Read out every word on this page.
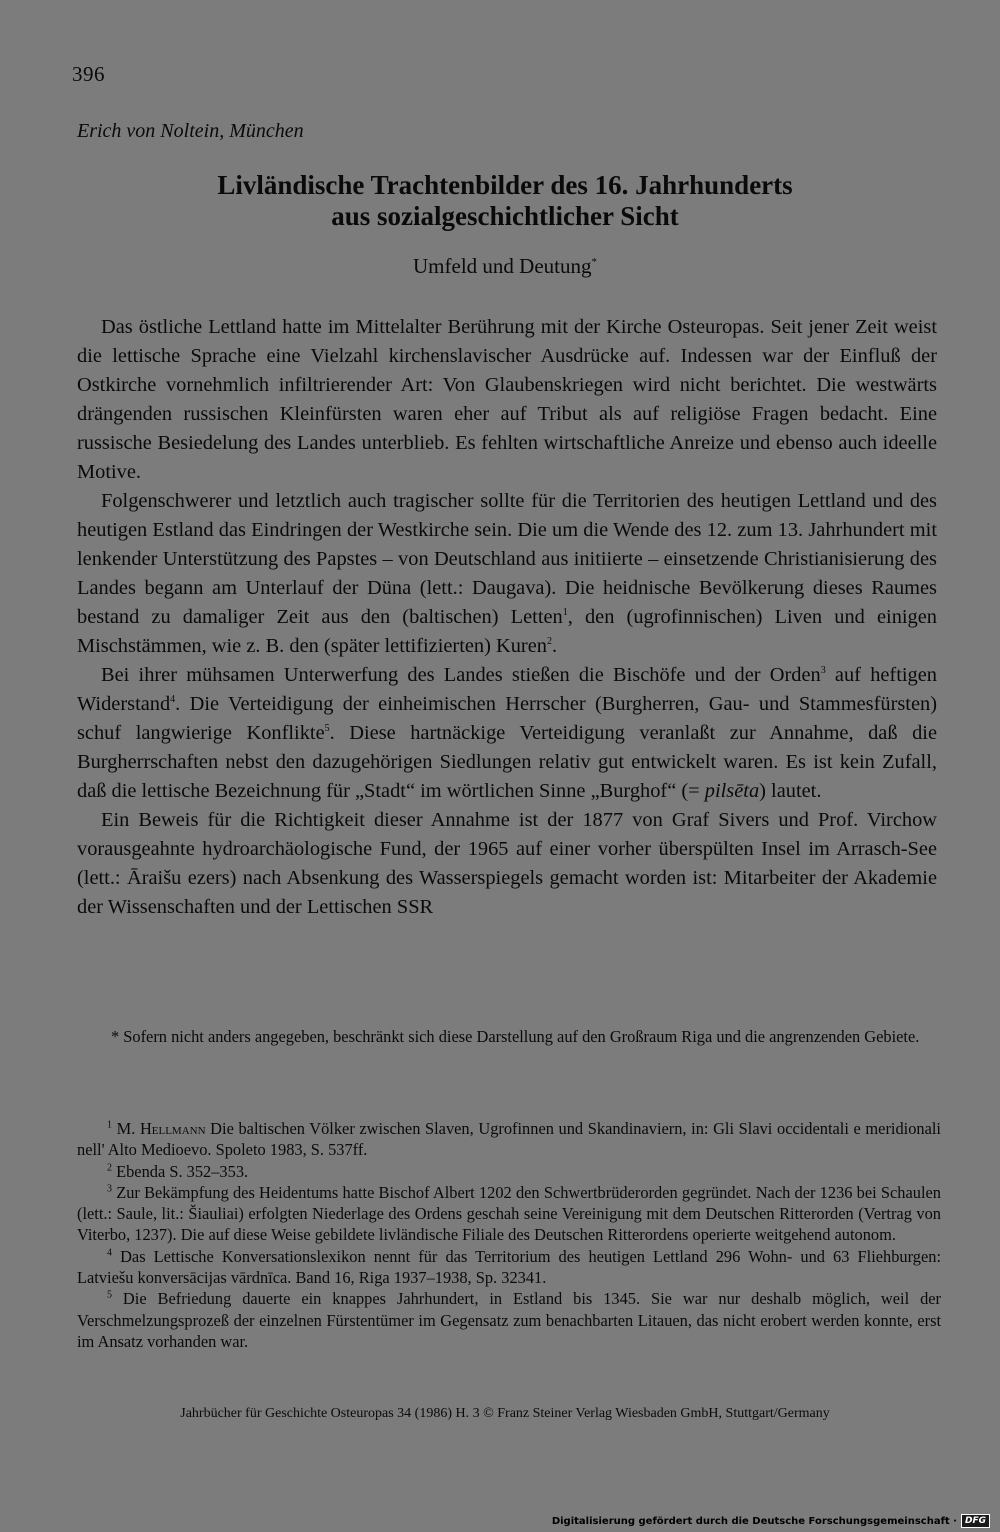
396
Erich von Noltein, München
Livländische Trachtenbilder des 16. Jahrhunderts
aus sozialgeschichtlicher Sicht
Umfeld und Deutung*

Das östliche Lettland hatte im Mittelalter Berührung mit der Kirche Osteuropas. Seit jener Zeit weist die lettische Sprache eine Vielzahl kirchenslavischer Ausdrücke auf. Indessen war der Einfluß der Ostkirche vornehmlich infiltrierender Art: Von Glaubenskriegen wird nicht berichtet. Die westwärts drängenden russischen Kleinfürsten waren eher auf Tribut als auf religiöse Fragen bedacht. Eine russische Besiedelung des Landes unterblieb. Es fehlten wirtschaftliche Anreize und ebenso auch ideelle Motive.

Folgenschwerer und letztlich auch tragischer sollte für die Territorien des heutigen Lettland und des heutigen Estland das Eindringen der Westkirche sein. Die um die Wende des 12. zum 13. Jahrhundert mit lenkender Unterstützung des Papstes – von Deutschland aus initiierte – einsetzende Christianisierung des Landes begann am Unterlauf der Düna (lett.: Daugava). Die heidnische Bevölkerung dieses Raumes bestand zu damaliger Zeit aus den (baltischen) Letten$^1$, den (ugrofinnischen) Liven und einigen Mischstämmen, wie z. B. den (später lettifizierten) Kuren$^2$.

Bei ihrer mühsamen Unterwerfung des Landes stießen die Bischöfe und der Orden$^3$ auf heftigen Widerstand$^4$. Die Verteidigung der einheimischen Herrscher (Burgherren, Gau- und Stammesfürsten) schuf langwierige Konflikte$^5$. Diese hartnäckige Verteidigung veranlaßt zur Annahme, daß die Burgherrschaften nebst den dazugehörigen Siedlungen relativ gut entwickelt waren. Es ist kein Zufall, daß die lettische Bezeichnung für „Stadt“ im wörtlichen Sinne „Burghof“ (= pilsēta) lautet.

Ein Beweis für die Richtigkeit dieser Annahme ist der 1877 von Graf Sivers und Prof. Virchow vorausgeahnte hydroarchäologische Fund, der 1965 auf einer vorher überspülten Insel im Arrasch-See (lett.: Āraišu ezers) nach Absenkung des Wasserspiegels gemacht worden ist: Mitarbeiter der Akademie der Wissenschaften und der Lettischen SSR

* Sofern nicht anders angegeben, beschränkt sich diese Darstellung auf den Großraum Riga und die angrenzenden Gebiete.

$^1$ M. Hellmann Die baltischen Völker zwischen Slaven, Ugrofinnen und Skandinaviern, in: Gli Slavi occidentali e meridionali nell' Alto Medioevo. Spoleto 1983, S. 537ff.

$^2$ Ebenda S. 352–353.

$^3$ Zur Bekämpfung des Heidentums hatte Bischof Albert 1202 den Schwertbrüderorden gegründet. Nach der 1236 bei Schaulen (lett.: Saule, lit.: Šiauliai) erfolgten Niederlage des Ordens geschah seine Vereinigung mit dem Deutschen Ritterorden (Vertrag von Viterbo, 1237). Die auf diese Weise gebildete livländische Filiale des Deutschen Ritterordens operierte weitgehend autonom.

$^4$ Das Lettische Konversationslexikon nennt für das Territorium des heutigen Lettland 296 Wohn- und 63 Fliehburgen: Latviešu konversācijas vārdnīca. Band 16, Riga 1937–1938, Sp. 32341.

$^5$ Die Befriedung dauerte ein knappes Jahrhundert, in Estland bis 1345. Sie war nur deshalb möglich, weil der Verschmelzungsprozeß der einzelnen Fürstentümer im Gegensatz zum benachbarten Litauen, das nicht erobert werden konnte, erst im Ansatz vorhanden war.

Jahrbücher für Geschichte Osteuropas 34 (1986) H. 3 © Franz Steiner Verlag Wiesbaden GmbH, Stuttgart/Germany
Digitalisierung gefördert durch die Deutsche Forschungsgemeinschaft · DFG
